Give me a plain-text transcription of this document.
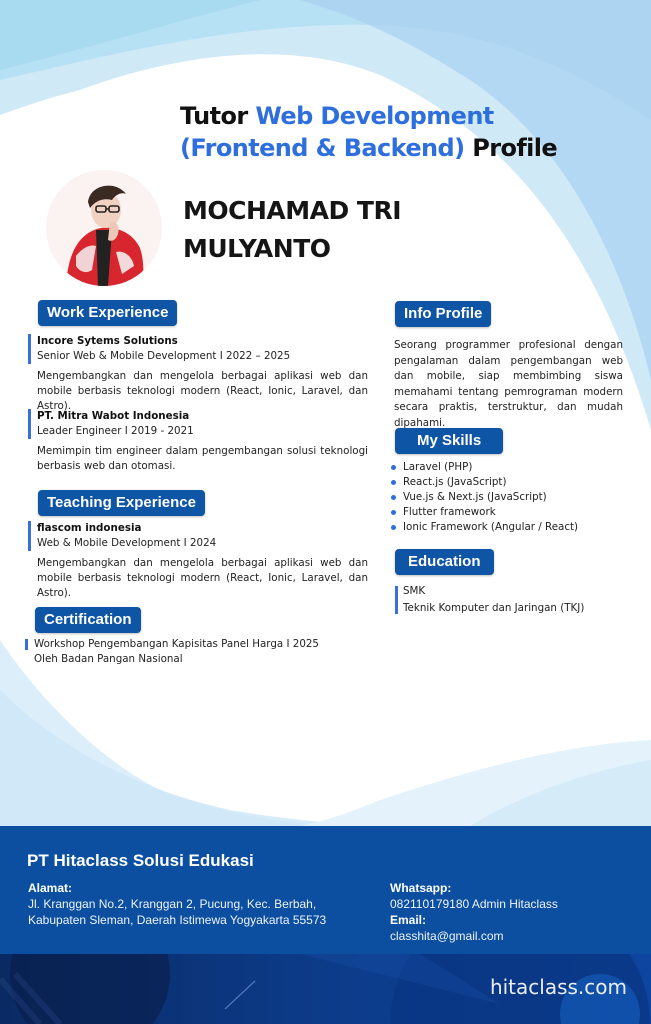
Tutor Web Development
(Frontend & Backend) Profile
MOCHAMAD TRI
MULYANTO
Work Experience
Incore Sytems Solutions
Senior Web & Mobile Development I 2022 – 2025
Mengembangkan dan mengelola berbagai aplikasi web dan mobile berbasis teknologi modern (React, Ionic, Laravel, dan Astro).
PT. Mitra Wabot Indonesia
Leader Engineer I 2019 - 2021
Memimpin tim engineer dalam pengembangan solusi teknologi berbasis web dan otomasi.
Teaching Experience
flascom indonesia
Web & Mobile Development I 2024
Mengembangkan dan mengelola berbagai aplikasi web dan mobile berbasis teknologi modern (React, Ionic, Laravel, dan Astro).
Certification
Workshop Pengembangan Kapisitas Panel Harga I 2025
Oleh Badan Pangan Nasional
Info Profile
Seorang programmer profesional dengan pengalaman dalam pengembangan web dan mobile, siap membimbing siswa memahami tentang pemrograman modern secara praktis, terstruktur, dan mudah dipahami.
My Skills
Laravel (PHP)
React.js (JavaScript)
Vue.js & Next.js (JavaScript)
Flutter framework
Ionic Framework (Angular / React)
Education
SMK
Teknik Komputer dan Jaringan (TKJ)
PT Hitaclass Solusi Edukasi
Alamat:
Jl. Kranggan No.2, Kranggan 2, Pucung, Kec. Berbah,
Kabupaten Sleman, Daerah Istimewa Yogyakarta 55573
Whatsapp:
082110179180 Admin Hitaclass
Email:
classhita@gmail.com
hitaclass.com
